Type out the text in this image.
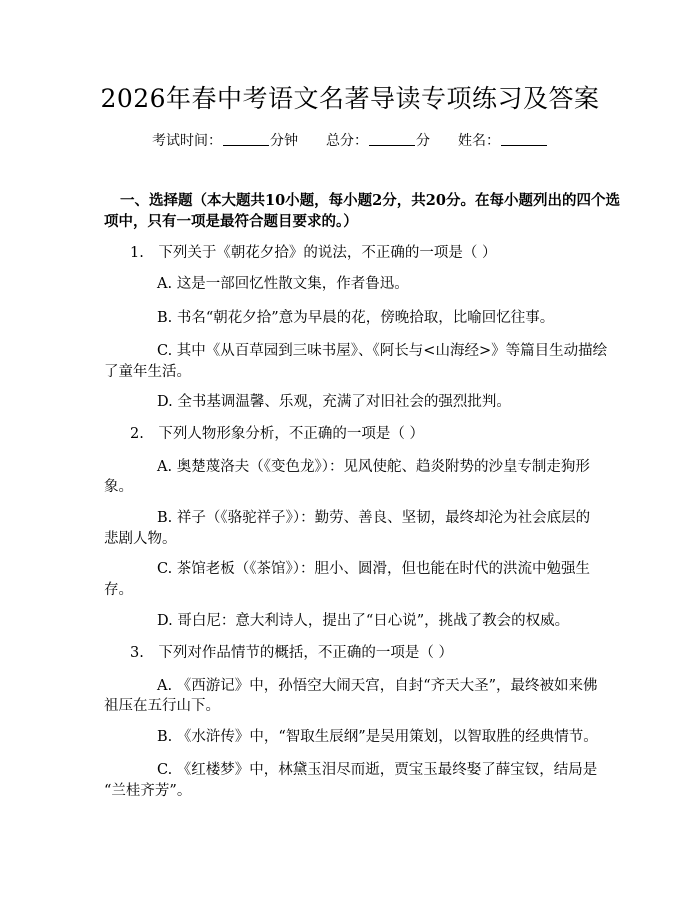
2026年春中考语文名著导读专项练习及答案
考试时间：	分钟 总分：	分 姓名：
一、选择题（本大题共10小题，每小题2分，共20分。在每小题列出的四个选
项中，只有一项是最符合题目要求的。）
1.　下列关于《朝花夕拾》的说法，不正确的一项是（ ）
A. 这是一部回忆性散文集，作者鲁迅。
B. 书名“朝花夕拾”意为早晨的花，傍晚拾取，比喻回忆往事。
C. 其中《从百草园到三味书屋》、《阿长与<山海经>》等篇目生动描绘
了童年生活。
D. 全书基调温馨、乐观，充满了对旧社会的强烈批判。
2.　下列人物形象分析，不正确的一项是（ ）
A. 奥楚蔑洛夫（《变色龙》）：见风使舵、趋炎附势的沙皇专制走狗形
象。
B. 祥子（《骆驼祥子》）：勤劳、善良、坚韧，最终却沦为社会底层的
悲剧人物。
C. 茶馆老板（《茶馆》）：胆小、圆滑，但也能在时代的洪流中勉强生
存。
D. 哥白尼：意大利诗人，提出了“日心说”，挑战了教会的权威。
3.　下列对作品情节的概括，不正确的一项是（ ）
A. 《西游记》中，孙悟空大闹天宫，自封“齐天大圣”，最终被如来佛
祖压在五行山下。
B. 《水浒传》中，“智取生辰纲”是吴用策划，以智取胜的经典情节。
C. 《红楼梦》中，林黛玉泪尽而逝，贾宝玉最终娶了薛宝钗，结局是
“兰桂齐芳”。
